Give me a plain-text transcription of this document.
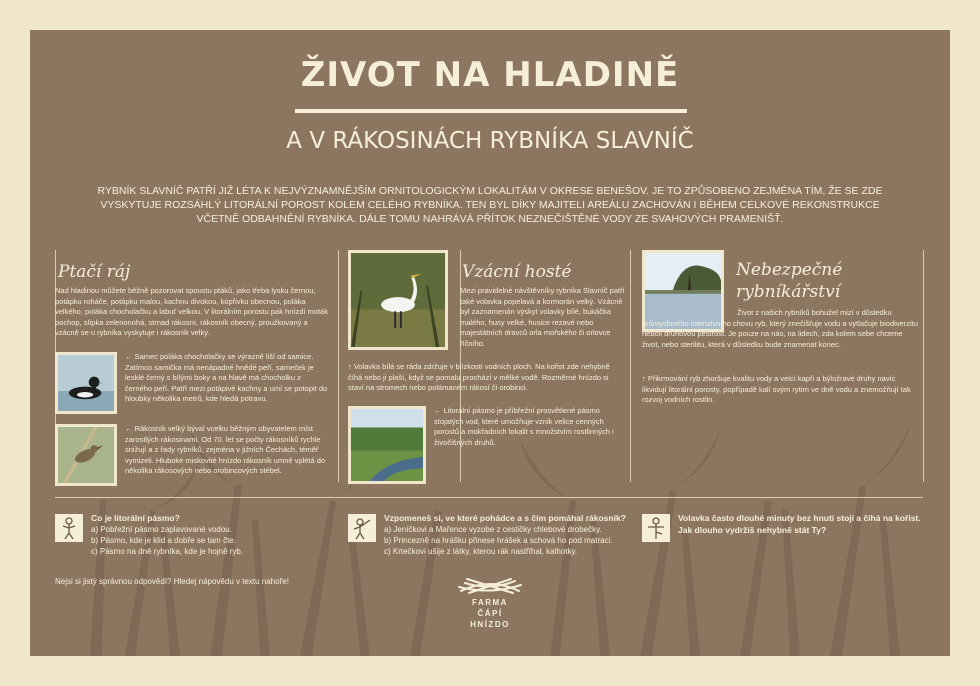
ŽIVOT NA HLADINĚ
A V RÁKOSINÁCH RYBNÍKA SLAVNÍČ
RYBNÍK SLAVNÍČ PATŘÍ JIŽ LÉTA K NEJVÝZNAMNĚJŠÍM ORNITOLOGICKÝM LOKALITÁM V OKRESE BENEŠOV. JE TO ZPŮSOBENO ZEJMÉNA TÍM, ŽE SE ZDE VYSKYTUJE ROZSÁHLÝ LITORÁLNÍ POROST KOLEM CELÉHO RYBNÍKA. TEN BYL DÍKY MAJITELI AREÁLU ZACHOVÁN I BĚHEM CELKOVÉ REKONSTRUKCE VČETNĚ ODBAHNĚNÍ RYBNÍKA. DÁLE TOMU NAHRÁVÁ PŘÍTOK NEZNEČIŠTĚNÉ VODY ZE SVAHOVÝCH PRAMENIŠŤ.
Ptačí ráj
Nad hladinou můžete běžně pozorovat spoustu ptáků, jako třeba lysku černou, potápku roháče, potápku malou, kachnu divokou, kopřivku obecnou, poláka velkého, poláka chocholačku a labuť velkou. V litorálním porostu pak hnízdí moták pochop, slípka zelenonohá, strnad rákosní, rákosník obecný, proužkovaný a vzácně se u rybníka vyskytuje i rákosník velký.
← Samec poláka chocholačky se výrazně liší od samice. Zatímco samička má nenápadné hnědé peří, sameček je lesklé černý s bílými boky a na hlavě má chocholku z černého peří. Patří mezi potápivé kachny a umí se potopit do hloubky několika metrů, kde hledá potravu.
← Rákosník velký býval vcelku běžným obyvatelem míst zarostlých rákosinami. Od 70. let se počty rákosníků rychle snižují a z řady rybníků, zejména v jižních Čechách, téměř vymizeli. Hluboké miskovité hnízdo rákosník umně vplétá do několika rákosových nebo orobincových stébel.
Vzácní hosté
Mezi pravidelné návštěvníky rybníka Slavníč patří také volavka popelavá a kormorán velký. Vzácně byl zaznamenán výskyt volavky bílé, bukáčka malého, husy velké, husice rezavé nebo majestátních dravců orla mořského či orlovce říčního.
↑ Volavka bílá se ráda zdržuje v blízkosti vodních ploch. Na kořist zde nehybně číhá nebo ji plaší, když se pomalu prochází v mělké vodě. Rozměrné hnízdo si staví na stromech nebo polámaném rákosí či orobinci.
← Litorální pásmo je příbřežní prosvětlené pásmo stojatých vod, které umožňuje vznik velice cenných porostů a mokřadních lokalit s množstvím rostlinných i živočišných druhů.
Nebezpečné
rybníkářství
Život z našich rybníků bohužel mizí v důsledku průmyslového intenzivního chovu ryb, který znečišťuje vodu a vytlačuje biodiverzitu neboli druhovou pestrost. Je pouze na nás, na lidech, zda kolem sebe chceme život, nebo sterilitu, která v důsledku bude znamenat konec.
↑ Přikrmování ryb zhoršuje kvalitu vody a velcí kapři a býložravé druhy navíc likvidují litorální porosty, popřípadě kalí svým rytím ve dně vodu a znemožňují tak rozvoj vodních rostlin.
Co je litorální pásmo?
a) Pobřežní pásmo zaplavované vodou.
b) Pásmo, kde je klid a dobře se tam čte.
c) Pásmo na dně rybníka, kde je hojně ryb.
Vzpomeneš si, ve které pohádce a s čím pomáhal rákosník?
a) Jeníčkovi a Mařence vyzobe z cestičky chlebové drobečky.
b) Princezně na hrášku přinese hrášek a schová ho pod matraci.
c) Krtečkovi ušije z látky, kterou rák nastříhal, kalhotky.
Volavka často dlouhé minuty bez hnutí stojí a číhá na kořist.
Jak dlouho vydržíš nehybně stát Ty?
Nejsi si jistý správnou odpovědí? Hledej nápovědu v textu nahoře!
FARMA
ČÁPÍ
HNÍZDO
